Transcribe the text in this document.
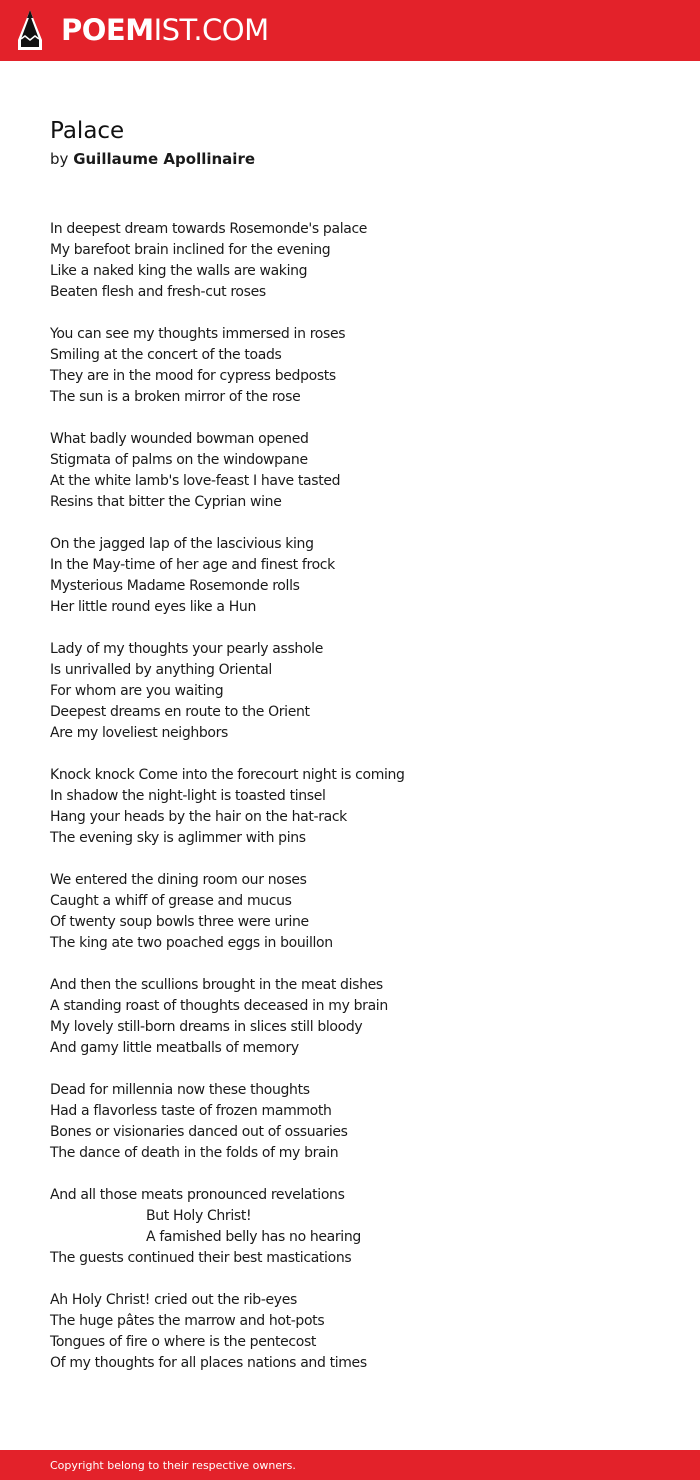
POEMIST.COM
Palace
by Guillaume Apollinaire
In deepest dream towards Rosemonde's palace
My barefoot brain inclined for the evening
Like a naked king the walls are waking
Beaten flesh and fresh-cut roses
You can see my thoughts immersed in roses
Smiling at the concert of the toads
They are in the mood for cypress bedposts
The sun is a broken mirror of the rose
What badly wounded bowman opened
Stigmata of palms on the windowpane
At the white lamb's love-feast I have tasted
Resins that bitter the Cyprian wine
On the jagged lap of the lascivious king
In the May-time of her age and finest frock
Mysterious Madame Rosemonde rolls
Her little round eyes like a Hun
Lady of my thoughts your pearly asshole
Is unrivalled by anything Oriental
For whom are you waiting
Deepest dreams en route to the Orient
Are my loveliest neighbors
Knock knock Come into the forecourt night is coming
In shadow the night-light is toasted tinsel
Hang your heads by the hair on the hat-rack
The evening sky is aglimmer with pins
We entered the dining room our noses
Caught a whiff of grease and mucus
Of twenty soup bowls three were urine
The king ate two poached eggs in bouillon
And then the scullions brought in the meat dishes
A standing roast of thoughts deceased in my brain
My lovely still-born dreams in slices still bloody
And gamy little meatballs of memory
Dead for millennia now these thoughts
Had a flavorless taste of frozen mammoth
Bones or visionaries danced out of ossuaries
The dance of death in the folds of my brain
And all those meats pronounced revelations
But Holy Christ!
A famished belly has no hearing
The guests continued their best mastications
Ah Holy Christ! cried out the rib-eyes
The huge pâtes the marrow and hot-pots
Tongues of fire o where is the pentecost
Of my thoughts for all places nations and times
Copyright belong to their respective owners.
